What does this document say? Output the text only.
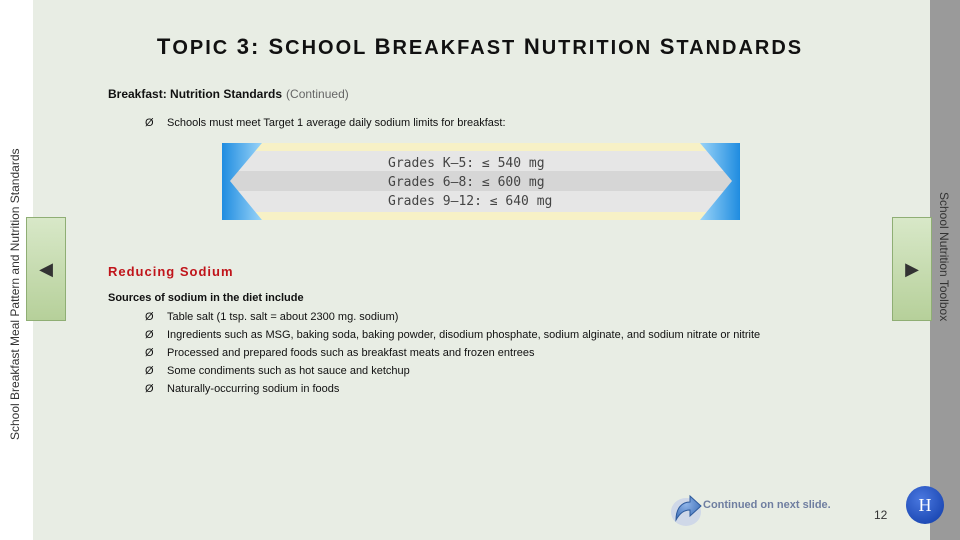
School Breakfast Meal Pattern and Nutrition Standards	School Nutrition Toolbox
TOPIC 3: SCHOOL BREAKFAST NUTRITION STANDARDS
Breakfast: Nutrition Standards (Continued)
Ø Schools must meet Target 1 average daily sodium limits for breakfast:
Grades K–5: ≤ 540 mg
Grades 6–8: ≤ 600 mg
Grades 9–12: ≤ 640 mg
◀	▶
Reducing Sodium
Sources of sodium in the diet include
Ø Table salt (1 tsp. salt = about 2300 mg. sodium)
Ø Ingredients such as MSG, baking soda, baking powder, disodium phosphate, sodium alginate, and sodium nitrate or nitrite
Ø Processed and prepared foods such as breakfast meats and frozen entrees
Ø Some condiments such as hot sauce and ketchup
Ø Naturally-occurring sodium in foods
Continued on next slide.
12
H
